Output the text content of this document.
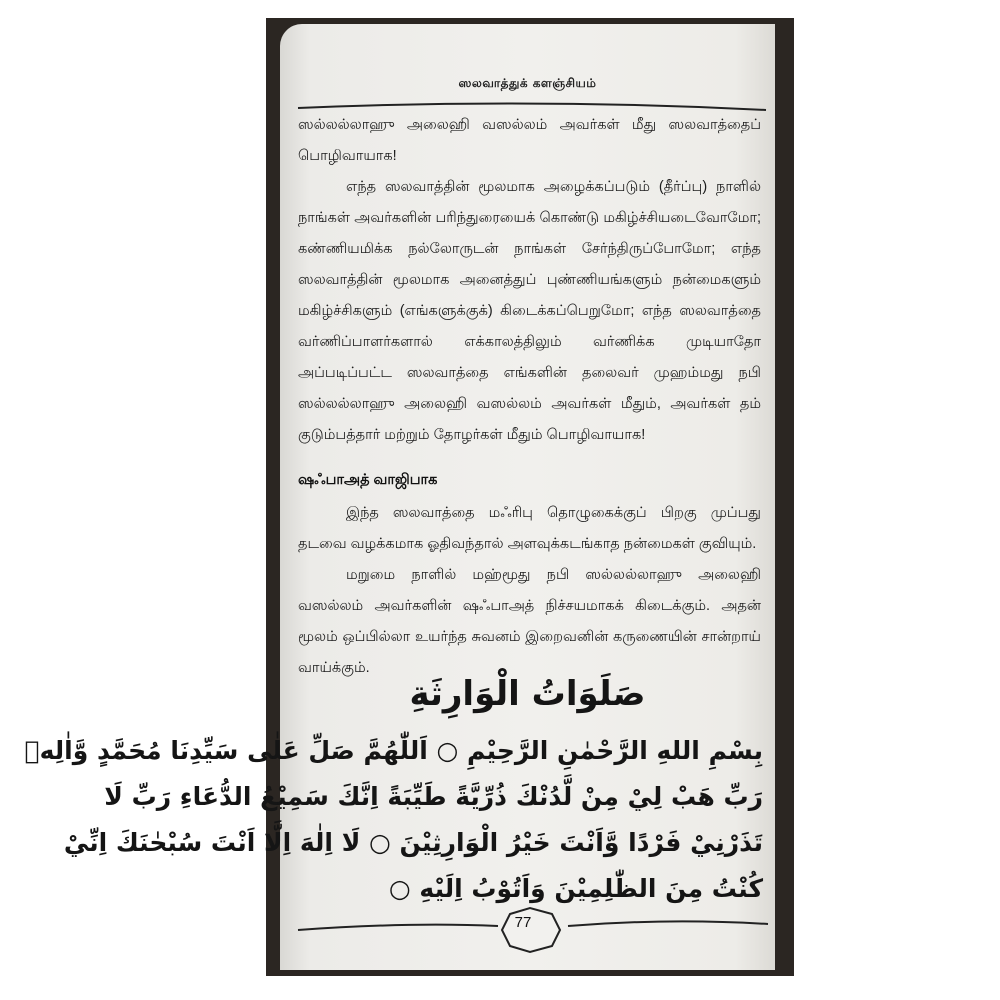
ஸலவாத்துக் களஞ்சியம்

ஸல்லல்லாஹு அலைஹி வஸல்லம் அவர்கள் மீது ஸலவாத்தைப் பொழிவாயாக!

எந்த ஸலவாத்தின் மூலமாக அழைக்கப்படும் (தீர்ப்பு) நாளில் நாங்கள் அவர்களின் பரிந்துரையைக் கொண்டு மகிழ்ச்சியடைவோமோ; கண்ணியமிக்க நல்லோருடன் நாங்கள் சேர்ந்திருப்போமோ; எந்த ஸலவாத்தின் மூலமாக அனைத்துப் புண்ணியங்களும் நன்மைகளும் மகிழ்ச்சிகளும் (எங்களுக்குக்) கிடைக்கப்பெறுமோ; எந்த ஸலவாத்தை வர்ணிப்பாளர்களால் எக்காலத்திலும் வர்ணிக்க முடியாதோ அப்படிப்பட்ட ஸலவாத்தை எங்களின் தலைவர் முஹம்மது நபி ஸல்லல்லாஹு அலைஹி வஸல்லம் அவர்கள் மீதும், அவர்கள் தம் குடும்பத்தார் மற்றும் தோழர்கள் மீதும் பொழிவாயாக!

ஷஃபாஅத் வாஜிபாக

இந்த ஸலவாத்தை மஃரிபு தொழுகைக்குப் பிறகு முப்பது தடவை வழக்கமாக ஓதிவந்தால் அளவுக்கடங்காத நன்மைகள் குவியும்.

மறுமை நாளில் மஹ்மூது நபி ஸல்லல்லாஹு அலைஹி வஸல்லம் அவர்களின் ஷஃபாஅத் நிச்சயமாகக் கிடைக்கும். அதன் மூலம் ஒப்பில்லா உயர்ந்த சுவனம் இறைவனின் கருணையின் சான்றாய் வாய்க்கும்.

صَلَوَاتُ الْوَارِثَةِ
بِسْمِ اللهِ الرَّحْمٰنِ الرَّحِيْمِ ○ اَللّٰهُمَّ صَلِّ عَلٰى سَيِّدِنَا مُحَمَّدٍ وَّاٰلِهٖ
رَبِّ هَبْ لِيْ مِنْ لَّدُنْكَ ذُرِّيَّةً طَيِّبَةً اِنَّكَ سَمِيْعُ الدُّعَاءِ رَبِّ لَا
تَذَرْنِيْ فَرْدًا وَّاَنْتَ خَيْرُ الْوَارِثِيْنَ ○ لَا اِلٰهَ اِلَّا اَنْتَ سُبْحٰنَكَ اِنِّيْ
كُنْتُ مِنَ الظّٰلِمِيْنَ وَاَتُوْبُ اِلَيْهِ ○
77
